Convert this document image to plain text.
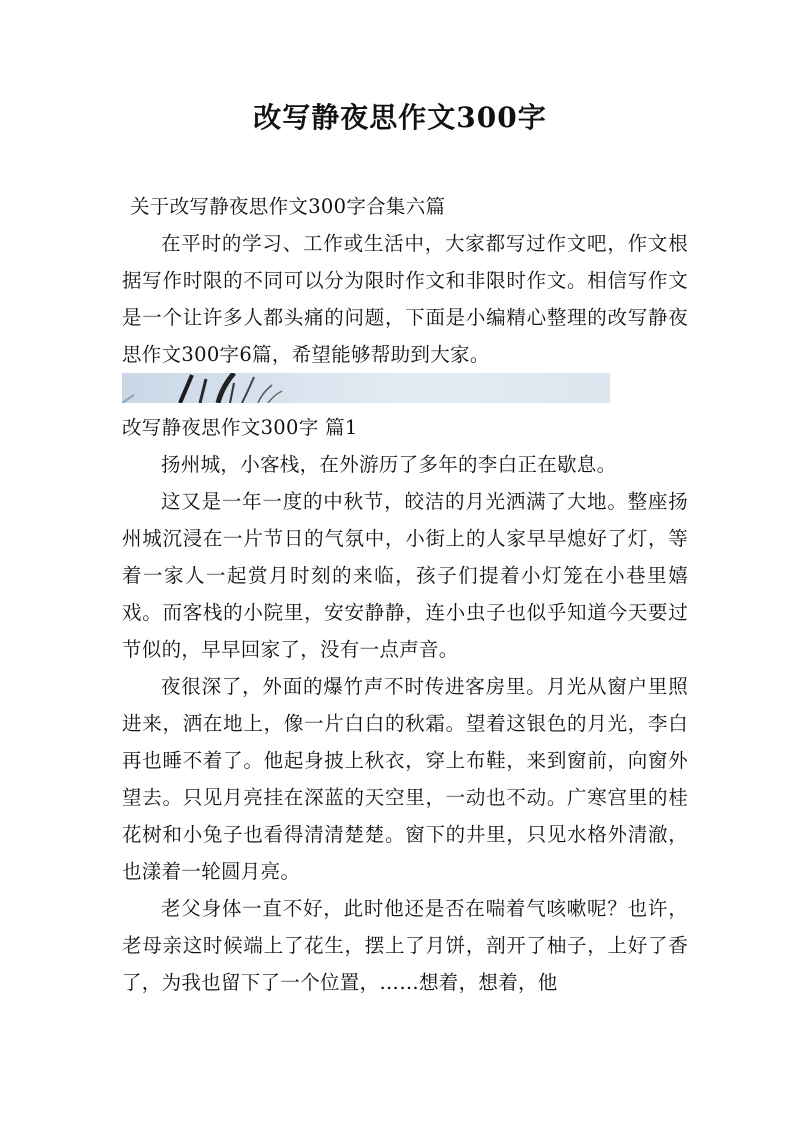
改写静夜思作文300字

关于改写静夜思作文300字合集六篇

在平时的学习、工作或生活中，大家都写过作文吧，作文根据写作时限的不同可以分为限时作文和非限时作文。相信写作文是一个让许多人都头痛的问题，下面是小编精心整理的改写静夜思作文300字6篇，希望能够帮助到大家。

改写静夜思作文300字 篇1

扬州城，小客栈，在外游历了多年的李白正在歇息。

这又是一年一度的中秋节，皎洁的月光洒满了大地。整座扬州城沉浸在一片节日的气氛中，小街上的人家早早熄好了灯，等着一家人一起赏月时刻的来临，孩子们提着小灯笼在小巷里嬉戏。而客栈的小院里，安安静静，连小虫子也似乎知道今天要过节似的，早早回家了，没有一点声音。

夜很深了，外面的爆竹声不时传进客房里。月光从窗户里照进来，洒在地上，像一片白白的秋霜。望着这银色的月光，李白再也睡不着了。他起身披上秋衣，穿上布鞋，来到窗前，向窗外望去。只见月亮挂在深蓝的天空里，一动也不动。广寒宫里的桂花树和小兔子也看得清清楚楚。窗下的井里，只见水格外清澈，也漾着一轮圆月亮。

老父身体一直不好，此时他还是否在喘着气咳嗽呢？也许，老母亲这时候端上了花生，摆上了月饼，剖开了柚子，上好了香了，为我也留下了一个位置，……想着，想着，他
